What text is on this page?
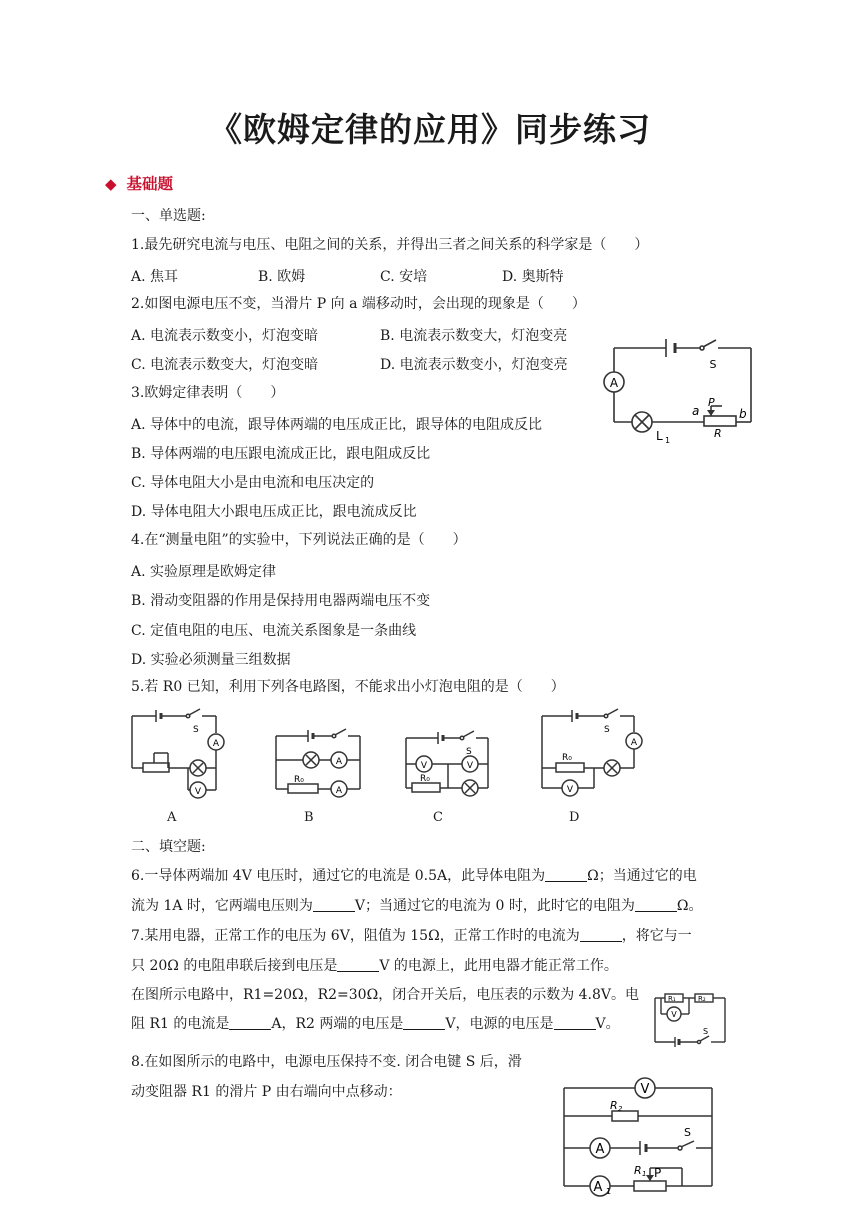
《欧姆定律的应用》同步练习
◆ 基础题
一、单选题:
1.最先研究电流与电压、电阻之间的关系，并得出三者之间关系的科学家是（　　）
A. 焦耳	B. 欧姆	C. 安培	D. 奥斯特
2.如图电源电压不变，当滑片 P 向 a 端移动时，会出现的现象是（　　）
A. 电流表示数变小，灯泡变暗	B. 电流表示数变大，灯泡变亮
C. 电流表示数变大，灯泡变暗	D. 电流表示数变小，灯泡变亮
A
S
L 1
a	b
P
R
3.欧姆定律表明（　　）
A. 导体中的电流，跟导体两端的电压成正比，跟导体的电阻成反比
B. 导体两端的电压跟电流成正比，跟电阻成反比
C. 导体电阻大小是由电流和电压决定的
D. 导体电阻大小跟电压成正比，跟电流成反比
4.在“测量电阻”的实验中，下列说法正确的是（　　）
A. 实验原理是欧姆定律
B. 滑动变阻器的作用是保持用电器两端电压不变
C. 定值电阻的电压、电流关系图象是一条曲线
D. 实验必须测量三组数据
5.若 R0 已知，利用下列各电路图，不能求出小灯泡电阻的是（　　）
S
A
V
A
A
R₀
A
B
S
V	V
R₀
C
S
A
R₀
V
D
二、填空题:
6.一导体两端加 4V 电压时，通过它的电流是 0.5A，此导体电阻为	Ω；当通过它的电
流为 1A 时，它两端电压则为	V；当通过它的电流为 0 时，此时它的电阻为	Ω。
7.某用电器，正常工作的电压为 6V，阻值为 15Ω，正常工作时的电流为	，将它与一
只 20Ω 的电阻串联后接到电压是	V 的电源上，此用电器才能正常工作。
在图所示电路中，R1=20Ω，R2=30Ω，闭合开关后，电压表的示数为 4.8V。电
阻 R1 的电流是	A，R2 两端的电压是	V，电源的电压是	V。
R₁	R₂
V
S
8.在如图所示的电路中，电源电压保持不变. 闭合电键 S 后，滑
动变阻器 R1 的滑片 P 由右端向中点移动：	V
R 2
A
S
R 1 P
A 1
